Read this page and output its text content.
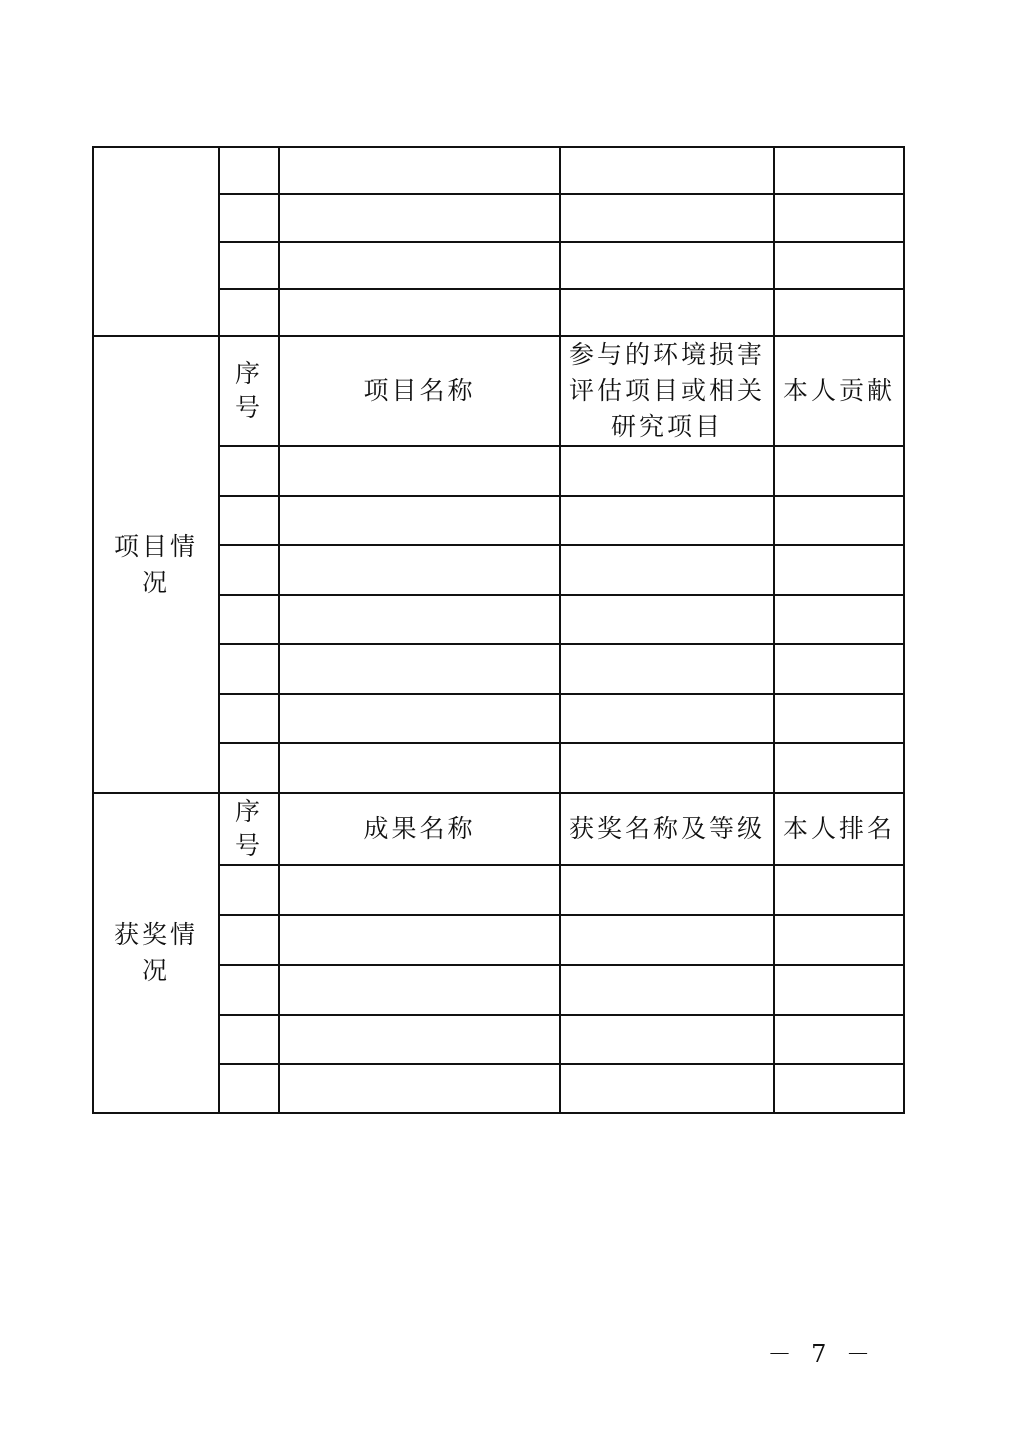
项目情况	序号	项目名称	参与的环境损害评估项目或相关研究项目	本人贡献

获奖情况	序号	成果名称	获奖名称及等级	本人排名

－ 7 －
